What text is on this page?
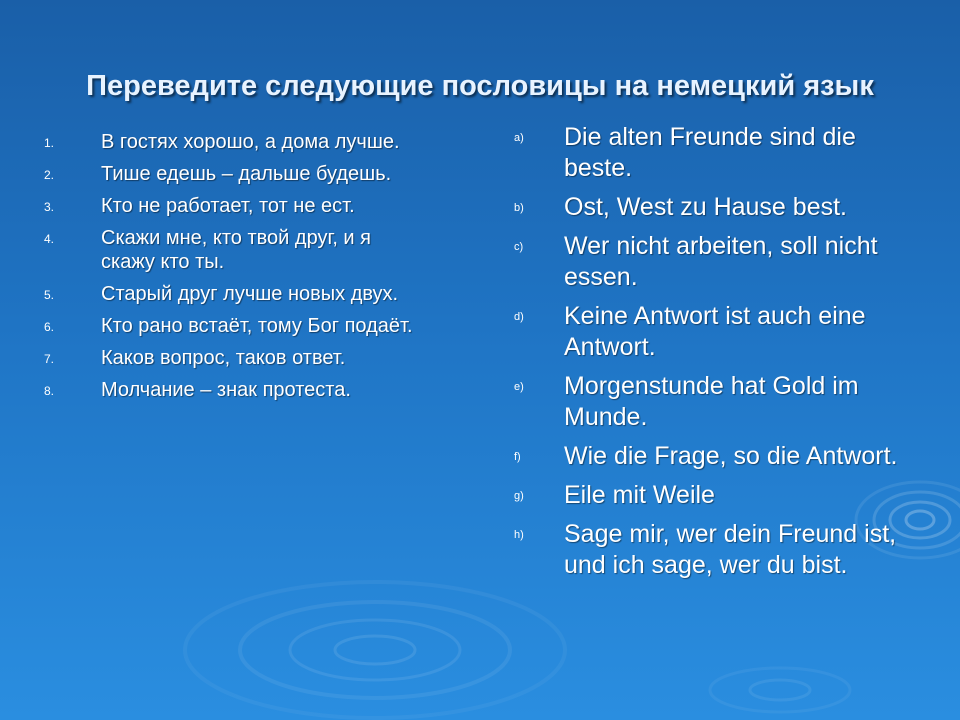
Переведите следующие пословицы на немецкий язык
1.	В гостях хорошо, а дома лучше.
2.	Тише едешь – дальше будешь.
3.	Кто не работает, тот не ест.
4.	Скажи мне, кто твой друг, и я скажу кто ты.
5.	Старый друг лучше новых двух.
6.	Кто рано встаёт, тому Бог подаёт.
7.	Каков вопрос, таков ответ.
8.	Молчание – знак протеста.
a)	Die alten Freunde sind die beste.
b)	Ost, West zu Hause best.
c)	Wer nicht arbeiten, soll nicht essen.
d)	Keine Antwort ist auch eine Antwort.
e)	Morgenstunde hat Gold im Munde.
f)	Wie die Frage, so die Antwort.
g)	Eile mit Weile
h)	Sage mir, wer dein Freund ist, und ich sage, wer du bist.
